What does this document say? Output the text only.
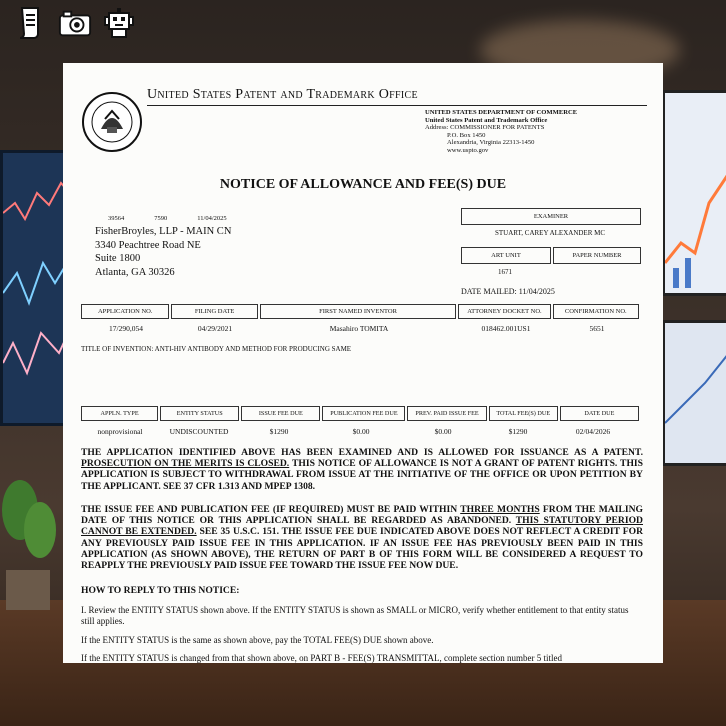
United States Patent and Trademark Office
UNITED STATES DEPARTMENT OF COMMERCE
United States Patent and Trademark Office
Address: COMMISSIONER FOR PATENTS
P.O. Box 1450
Alexandria, Virginia 22313-1450
www.uspto.gov
NOTICE OF ALLOWANCE AND FEE(S) DUE
39564	7590	11/04/2025
FisherBroyles, LLP - MAIN CN
3340 Peachtree Road NE
Suite 1800
Atlanta, GA 30326
EXAMINER
STUART, CAREY ALEXANDER MC
ART UNIT	PAPER NUMBER
1671
DATE MAILED: 11/04/2025
APPLICATION NO.	FILING DATE	FIRST NAMED INVENTOR	ATTORNEY DOCKET NO.	CONFIRMATION NO.
17/290,054	04/29/2021	Masahiro TOMITA	018462.001US1	5651
TITLE OF INVENTION: ANTI-HIV ANTIBODY AND METHOD FOR PRODUCING SAME
APPLN. TYPE	ENTITY STATUS	ISSUE FEE DUE	PUBLICATION FEE DUE	PREV. PAID ISSUE FEE	TOTAL FEE(S) DUE	DATE DUE
nonprovisional	UNDISCOUNTED	$1290	$0.00	$0.00	$1290	02/04/2026
THE APPLICATION IDENTIFIED ABOVE HAS BEEN EXAMINED AND IS ALLOWED FOR ISSUANCE AS A PATENT. PROSECUTION ON THE MERITS IS CLOSED. THIS NOTICE OF ALLOWANCE IS NOT A GRANT OF PATENT RIGHTS. THIS APPLICATION IS SUBJECT TO WITHDRAWAL FROM ISSUE AT THE INITIATIVE OF THE OFFICE OR UPON PETITION BY THE APPLICANT. SEE 37 CFR 1.313 AND MPEP 1308.
THE ISSUE FEE AND PUBLICATION FEE (IF REQUIRED) MUST BE PAID WITHIN THREE MONTHS FROM THE MAILING DATE OF THIS NOTICE OR THIS APPLICATION SHALL BE REGARDED AS ABANDONED. THIS STATUTORY PERIOD CANNOT BE EXTENDED. SEE 35 U.S.C. 151. THE ISSUE FEE DUE INDICATED ABOVE DOES NOT REFLECT A CREDIT FOR ANY PREVIOUSLY PAID ISSUE FEE IN THIS APPLICATION. IF AN ISSUE FEE HAS PREVIOUSLY BEEN PAID IN THIS APPLICATION (AS SHOWN ABOVE), THE RETURN OF PART B OF THIS FORM WILL BE CONSIDERED A REQUEST TO REAPPLY THE PREVIOUSLY PAID ISSUE FEE TOWARD THE ISSUE FEE NOW DUE.
HOW TO REPLY TO THIS NOTICE:
I. Review the ENTITY STATUS shown above. If the ENTITY STATUS is shown as SMALL or MICRO, verify whether entitlement to that entity status still applies.
If the ENTITY STATUS is the same as shown above, pay the TOTAL FEE(S) DUE shown above.
If the ENTITY STATUS is changed from that shown above, on PART B - FEE(S) TRANSMITTAL, complete section number 5 titled
